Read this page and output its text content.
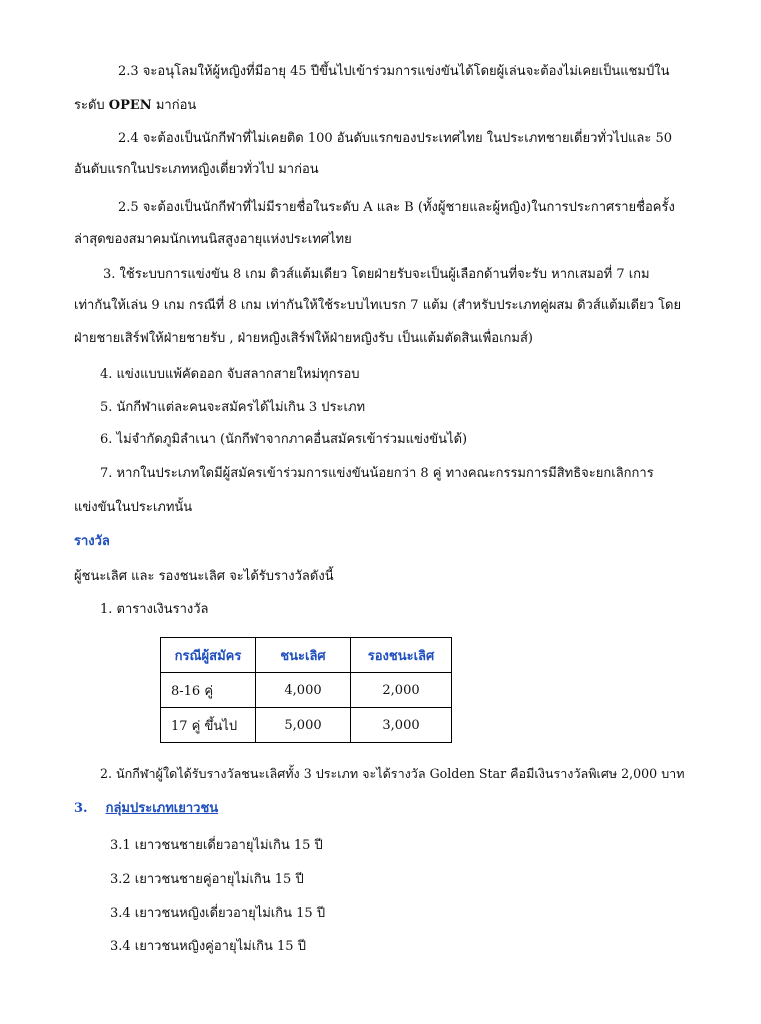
2.3 จะอนุโลมให้ผู้หญิงที่มีอายุ 45 ปีขึ้นไปเข้าร่วมการแข่งขันได้โดยผู้เล่นจะต้องไม่เคยเป็นแชมป์ใน
ระดับ OPEN มาก่อน
2.4 จะต้องเป็นนักกีฬาที่ไม่เคยติด 100 อันดับแรกของประเทศไทย ในประเภทชายเดี่ยวทั่วไปและ 50
อันดับแรกในประเภทหญิงเดี่ยวทั่วไป มาก่อน
2.5 จะต้องเป็นนักกีฬาที่ไม่มีรายชื่อในระดับ A และ B (ทั้งผู้ชายและผู้หญิง)ในการประกาศรายชื่อครั้ง
ล่าสุดของสมาคมนักเทนนิสสูงอายุแห่งประเทศไทย
3. ใช้ระบบการแข่งขัน 8 เกม ดิวส์แต้มเดียว โดยฝ่ายรับจะเป็นผู้เลือกด้านที่จะรับ หากเสมอที่ 7 เกม
เท่ากันให้เล่น 9 เกม กรณีที่ 8 เกม เท่ากันให้ใช้ระบบไทเบรก 7 แต้ม (สำหรับประเภทคู่ผสม ดิวส์แต้มเดียว โดย
ฝ่ายชายเสิร์ฟให้ฝ่ายชายรับ , ฝ่ายหญิงเสิร์ฟให้ฝ่ายหญิงรับ เป็นแต้มตัดสินเพื่อเกมส์)
4. แข่งแบบแพ้คัดออก จับสลากสายใหม่ทุกรอบ
5. นักกีฬาแต่ละคนจะสมัครได้ไม่เกิน 3 ประเภท
6. ไม่จำกัดภูมิลำเนา (นักกีฬาจากภาคอื่นสมัครเข้าร่วมแข่งขันได้)
7. หากในประเภทใดมีผู้สมัครเข้าร่วมการแข่งขันน้อยกว่า 8 คู่ ทางคณะกรรมการมีสิทธิจะยกเลิกการ
แข่งขันในประเภทนั้น
รางวัล
ผู้ชนะเลิศ และ รองชนะเลิศ จะได้รับรางวัลดังนี้
1. ตารางเงินรางวัล
กรณีผู้สมัคร	ชนะเลิศ	รองชนะเลิศ
8-16 คู่	4,000	2,000
17 คู่ ขึ้นไป	5,000	3,000
2. นักกีฬาผู้ใดได้รับรางวัลชนะเลิศทั้ง 3 ประเภท จะได้รางวัล Golden Star คือมีเงินรางวัลพิเศษ 2,000 บาท
3. กลุ่มประเภทเยาวชน
3.1 เยาวชนชายเดี่ยวอายุไม่เกิน 15 ปี
3.2 เยาวชนชายคู่อายุไม่เกิน 15 ปี
3.4 เยาวชนหญิงเดี่ยวอายุไม่เกิน 15 ปี
3.4 เยาวชนหญิงคู่อายุไม่เกิน 15 ปี
